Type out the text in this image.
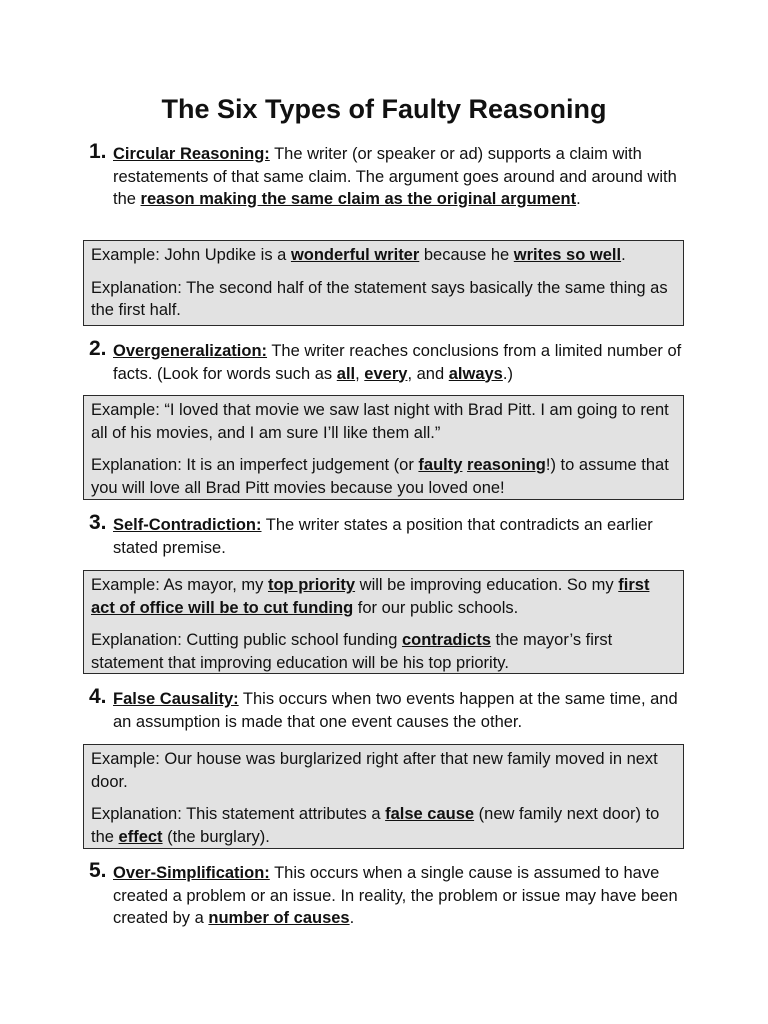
The Six Types of Faulty Reasoning
1. Circular Reasoning: The writer (or speaker or ad) supports a claim with restatements of that same claim. The argument goes around and around with the reason making the same claim as the original argument.

Example: John Updike is a wonderful writer because he writes so well.

Explanation: The second half of the statement says basically the same thing as the first half.

2. Overgeneralization: The writer reaches conclusions from a limited number of facts. (Look for words such as all, every, and always.)

Example: “I loved that movie we saw last night with Brad Pitt. I am going to rent all of his movies, and I am sure I’ll like them all.”

Explanation: It is an imperfect judgement (or faulty reasoning!) to assume that you will love all Brad Pitt movies because you loved one!

3. Self-Contradiction: The writer states a position that contradicts an earlier stated premise.

Example: As mayor, my top priority will be improving education. So my first act of office will be to cut funding for our public schools.

Explanation: Cutting public school funding contradicts the mayor’s first statement that improving education will be his top priority.

4. False Causality: This occurs when two events happen at the same time, and an assumption is made that one event causes the other.

Example: Our house was burglarized right after that new family moved in next door.

Explanation: This statement attributes a false cause (new family next door) to the effect (the burglary).

5. Over-Simplification: This occurs when a single cause is assumed to have created a problem or an issue. In reality, the problem or issue may have been created by a number of causes.
